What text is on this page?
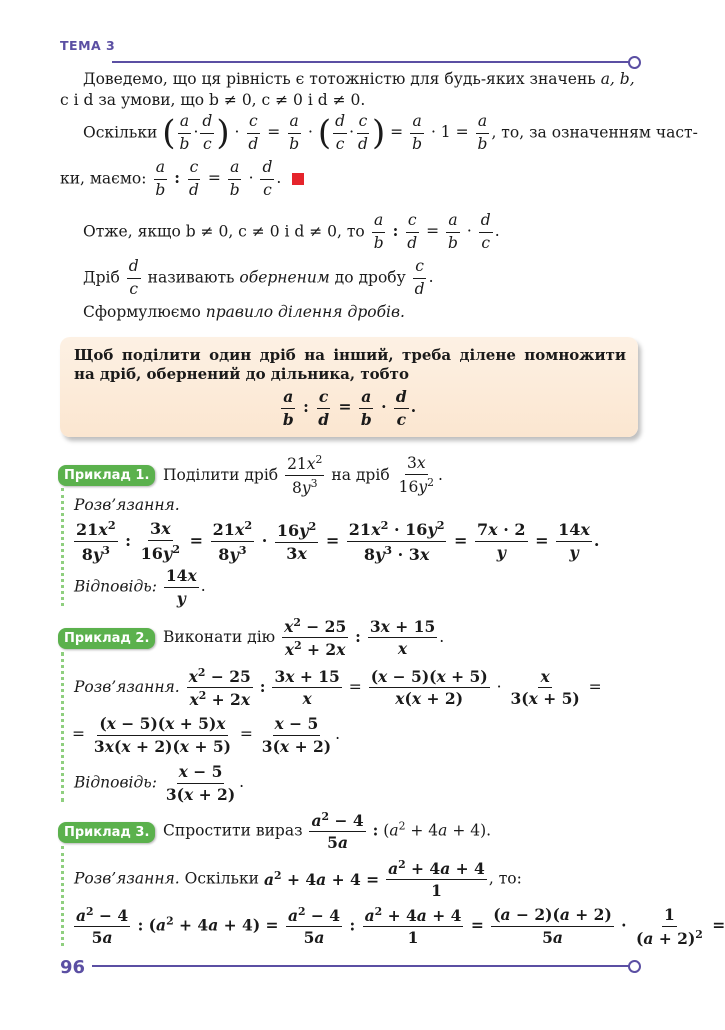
ТЕМА 3
Доведемо, що ця рівність є тотожністю для будь-яких значень a, b,
c і d за умови, що b ≠ 0, c ≠ 0 і d ≠ 0.
Оскільки ( $\frac{a}{b} \cdot \frac{d}{c}$ ) · $\frac{c}{d} = \frac{a}{b}$ · ( $\frac{d}{c} \cdot \frac{c}{d}$ ) = $\frac{a}{b} \cdot 1 = \frac{a}{b}$ , то, за означенням част-
ки, маємо: $\frac{a}{b}$ : $\frac{c}{d} = \frac{a}{b} \cdot \frac{d}{c}$ .
Отже, якщо b ≠ 0, c ≠ 0 і d ≠ 0, то $\frac{a}{b}$ : $\frac{c}{d} = \frac{a}{b} \cdot \frac{d}{c}$ .
Дріб $\frac{d}{c}$ називають оберненим до дробу $\frac{c}{d}$ .
Сформулюємо правило ділення дробів.
Щоб поділити один дріб на інший, треба ділене помножити на дріб, обернений до дільника, тобто
$\frac{a}{b}$ : $\frac{c}{d} = \frac{a}{b} \cdot \frac{d}{c}$ .
Приклад 1. Поділити дріб $\frac{21x^2}{8y^3}$ на дріб $\frac{3x}{16y^2}$ .
Розв’язання.
$\frac{21x^2}{8y^3}$ : $\frac{3x}{16y^2} = \frac{21x^2}{8y^3} \cdot \frac{16y^2}{3x} = \frac{21x^2 \cdot 16y^2}{8y^3 \cdot 3x} = \frac{7x \cdot 2}{y} = \frac{14x}{y}$ .
Відповідь: $\frac{14x}{y}$ .
Приклад 2. Виконати дію $\frac{x^2 - 25}{x^2 + 2x}$ : $\frac{3x + 15}{x}$ .
Розв’язання. $\frac{x^2 - 25}{x^2 + 2x}$ : $\frac{3x + 15}{x} = \frac{(x - 5)(x + 5)}{x(x + 2)} \cdot \frac{x}{3(x + 5)}$ =
= $\frac{(x - 5)(x + 5)x}{3x(x + 2)(x + 5)} = \frac{x - 5}{3(x + 2)}$ .
Відповідь: $\frac{x - 5}{3(x + 2)}$ .
Приклад 3. Спростити вираз $\frac{a^2 - 4}{5a}$ : $(a^2 + 4a + 4)$.
Розв’язання. Оскільки $a^2 + 4a + 4 = \frac{a^2 + 4a + 4}{1}$ , то:
$\frac{a^2 - 4}{5a}$ : $(a^2 + 4a + 4) = \frac{a^2 - 4}{5a}$ : $\frac{a^2 + 4a + 4}{1} = \frac{(a - 2)(a + 2)}{5a} \cdot \frac{1}{(a + 2)^2}$ =
96
